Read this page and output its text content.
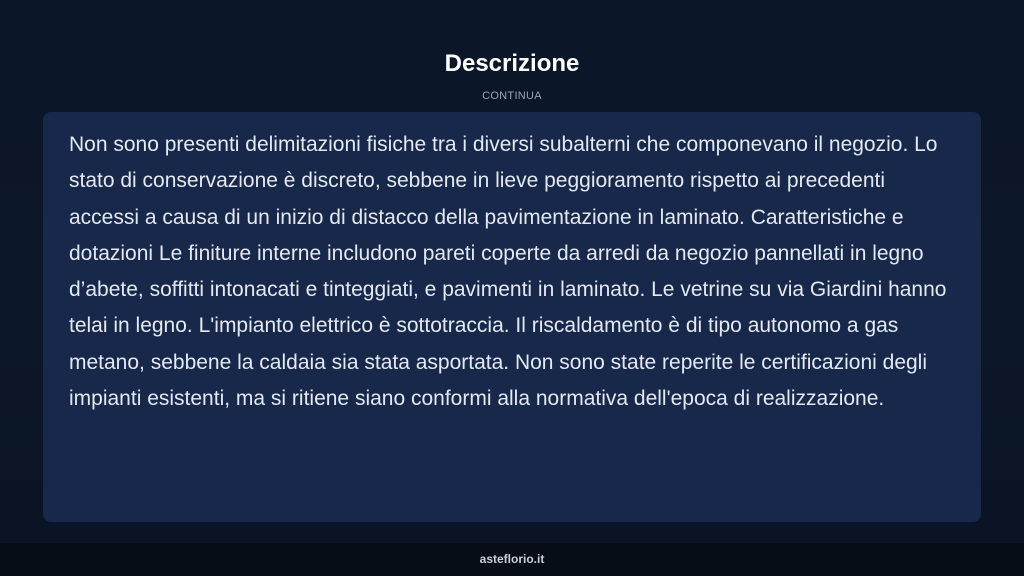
Descrizione
CONTINUA

Non sono presenti delimitazioni fisiche tra i diversi subalterni che componevano il negozio. Lo stato di conservazione è discreto, sebbene in lieve peggioramento rispetto ai precedenti accessi a causa di un inizio di distacco della pavimentazione in laminato. Caratteristiche e dotazioni Le finiture interne includono pareti coperte da arredi da negozio pannellati in legno d’abete, soffitti intonacati e tinteggiati, e pavimenti in laminato. Le vetrine su via Giardini hanno telai in legno. L'impianto elettrico è sottotraccia. Il riscaldamento è di tipo autonomo a gas metano, sebbene la caldaia sia stata asportata. Non sono state reperite le certificazioni degli impianti esistenti, ma si ritiene siano conformi alla normativa dell'epoca di realizzazione.

asteflorio.it
